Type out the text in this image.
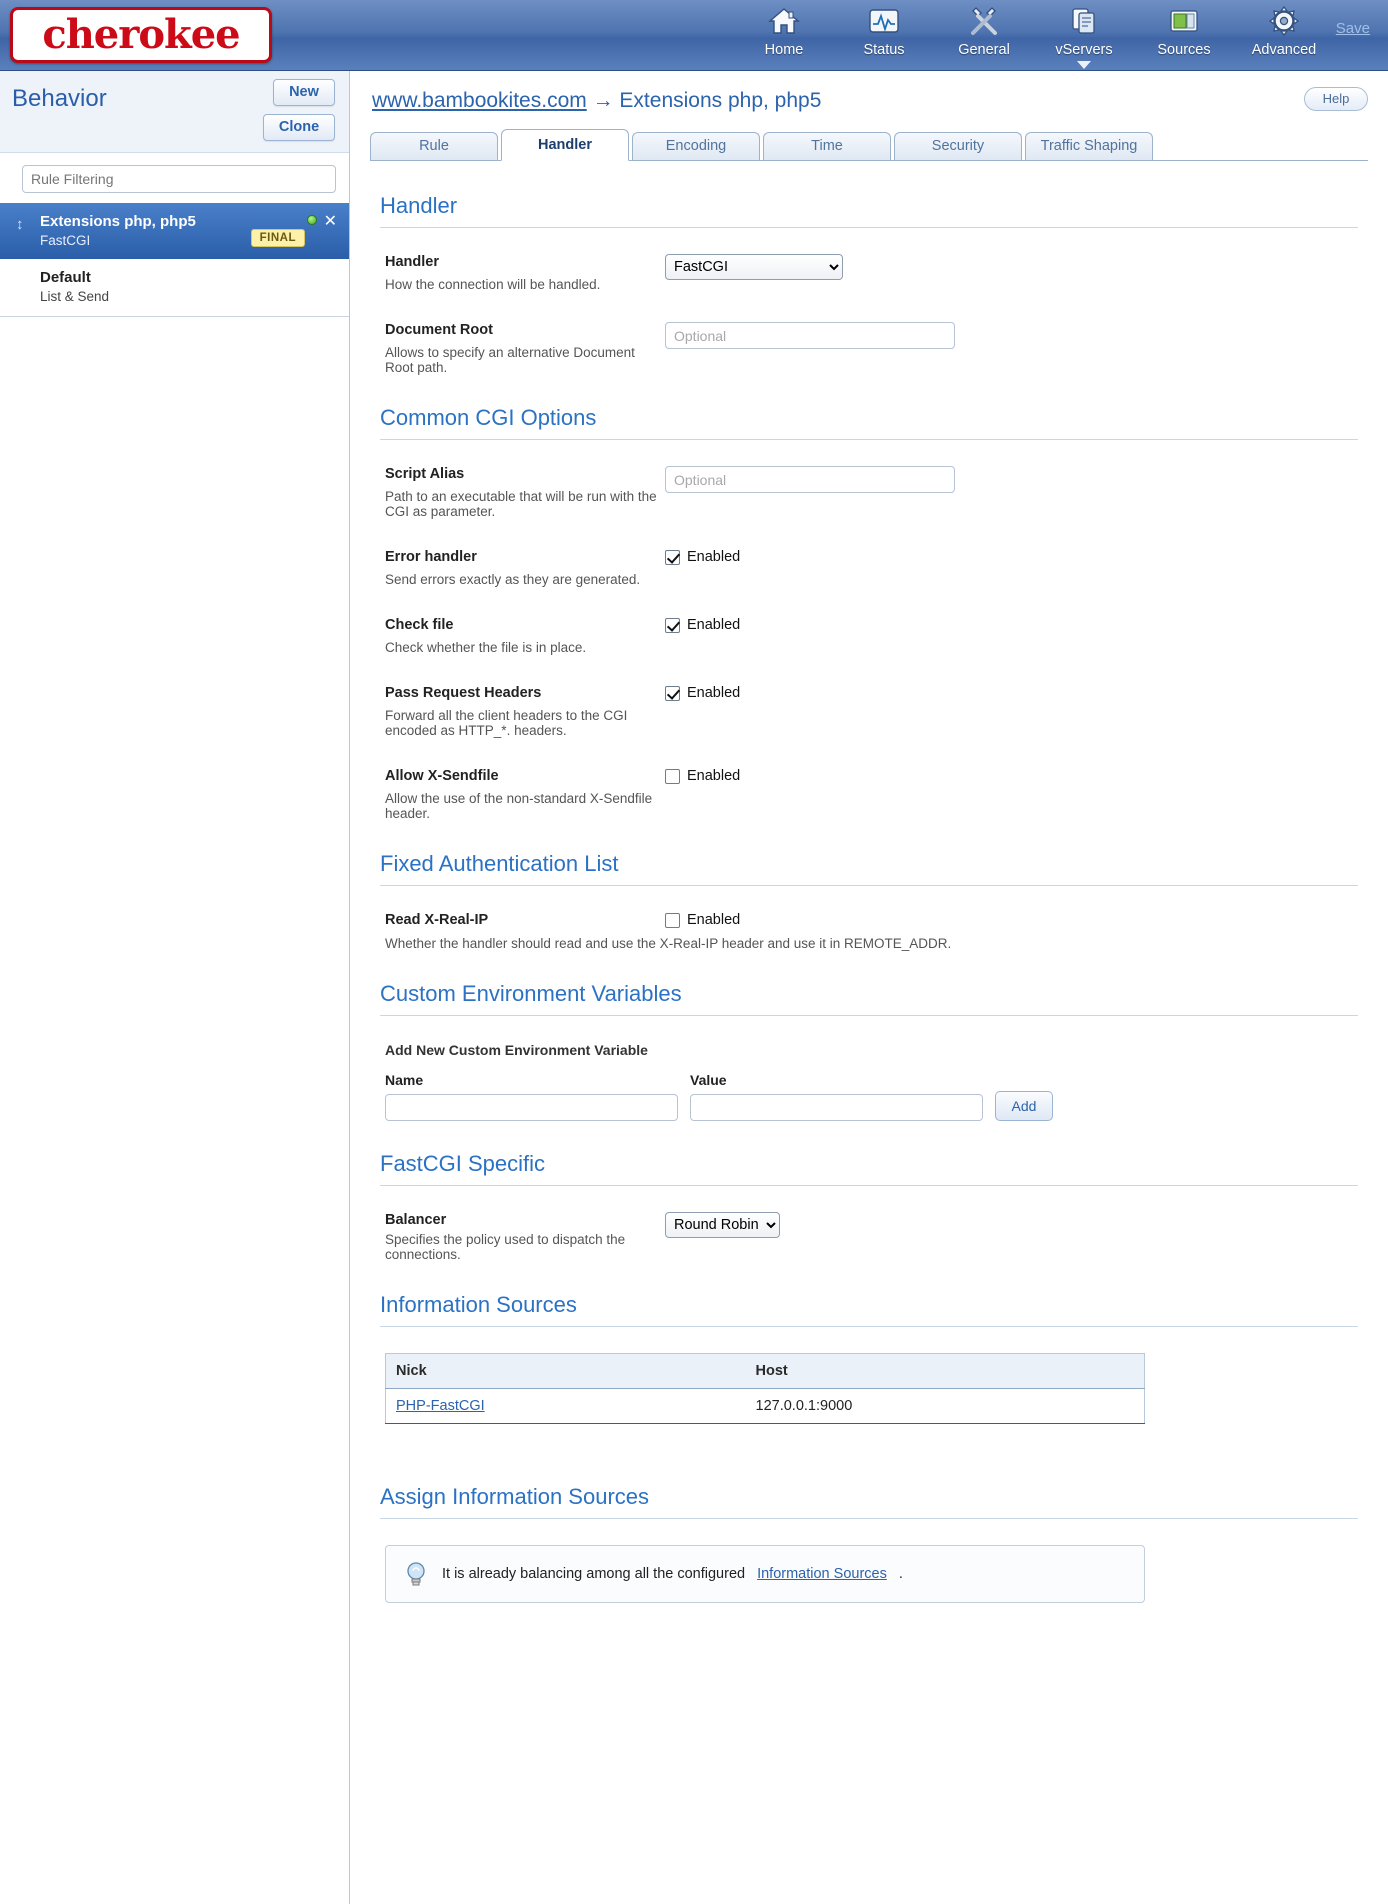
cherokee	Home	Status	General	vServers	Sources	Advanced
Save
Behavior	New
Clone
Rule Filtering
↕ Extensions php, php5
FastCGI
✕
FINAL
Default
List & Send
www.bambookites.com → Extensions php, php5	Help
Rule	Handler	Encoding	Time	Security	Traffic Shaping
Handler
Handler
How the connection will be handled.
FastCGI
Document Root
Allows to specify an alternative Document Root path.
Optional
Common CGI Options
Script Alias
Path to an executable that will be run with the CGI as parameter.
Optional
Error handler
Send errors exactly as they are generated.
Enabled
Check file
Check whether the file is in place.
Enabled
Pass Request Headers
Forward all the client headers to the CGI encoded as HTTP_*. headers.
Enabled
Allow X-Sendfile
Allow the use of the non-standard X-Sendfile header.
Enabled
Fixed Authentication List
Read X-Real-IP	Enabled
Whether the handler should read and use the X-Real-IP header and use it in REMOTE_ADDR.
Custom Environment Variables
Add New Custom Environment Variable
Name	Value
Add
FastCGI Specific
Balancer
Specifies the policy used to dispatch the connections.
Round Robin
Information Sources
Nick	Host
PHP-FastCGI	127.0.0.1:9000
Assign Information Sources
It is already balancing among all the configured Information Sources .
